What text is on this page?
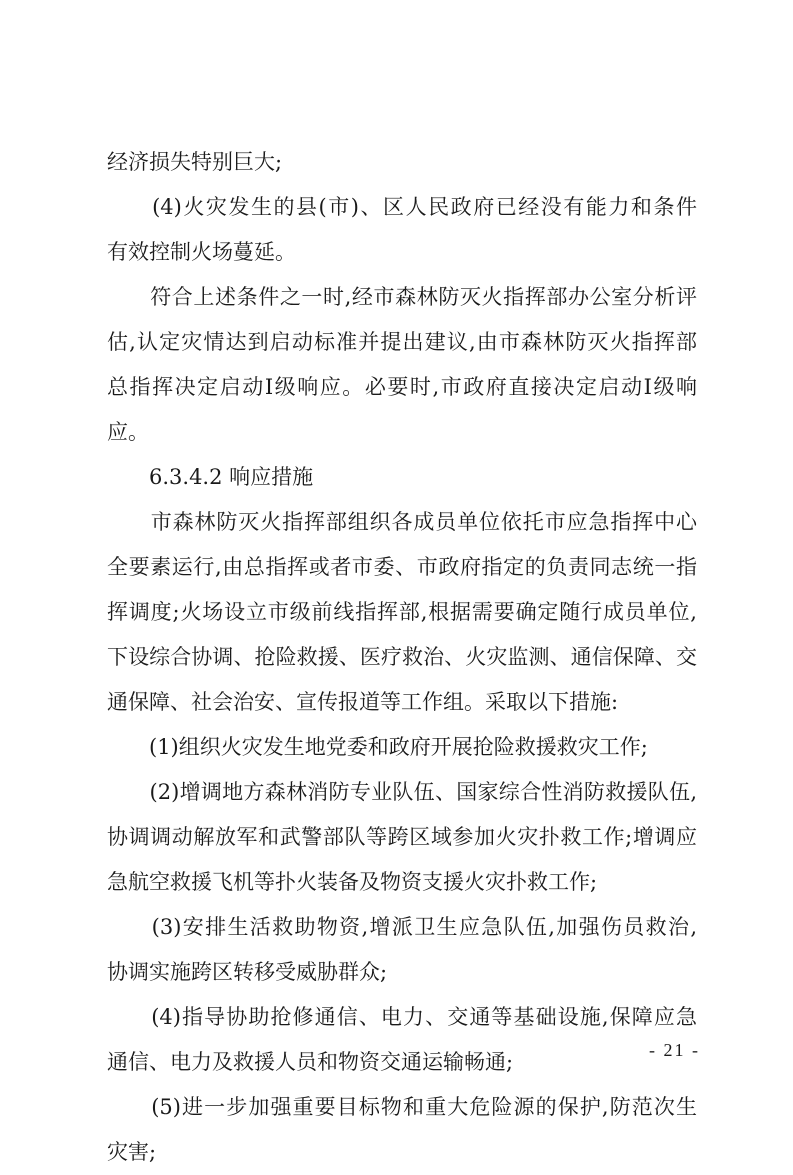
经济损失特别巨大;
　　(4)火灾发生的县(市)、区人民政府已经没有能力和条件
有效控制火场蔓延。
　　符合上述条件之一时,经市森林防灭火指挥部办公室分析评
估,认定灾情达到启动标准并提出建议,由市森林防灭火指挥部
总指挥决定启动Ⅰ级响应。必要时,市政府直接决定启动Ⅰ级响
应。
　　6.3.4.2 响应措施
　　市森林防灭火指挥部组织各成员单位依托市应急指挥中心
全要素运行,由总指挥或者市委、市政府指定的负责同志统一指
挥调度;火场设立市级前线指挥部,根据需要确定随行成员单位,
下设综合协调、抢险救援、医疗救治、火灾监测、通信保障、交
通保障、社会治安、宣传报道等工作组。采取以下措施:
　　(1)组织火灾发生地党委和政府开展抢险救援救灾工作;
　　(2)增调地方森林消防专业队伍、国家综合性消防救援队伍,
协调调动解放军和武警部队等跨区域参加火灾扑救工作;增调应
急航空救援飞机等扑火装备及物资支援火灾扑救工作;
　　(3)安排生活救助物资,增派卫生应急队伍,加强伤员救治,
协调实施跨区转移受威胁群众;
　　(4)指导协助抢修通信、电力、交通等基础设施,保障应急
通信、电力及救援人员和物资交通运输畅通;
　　(5)进一步加强重要目标物和重大危险源的保护,防范次生
灾害;
- 21 -
